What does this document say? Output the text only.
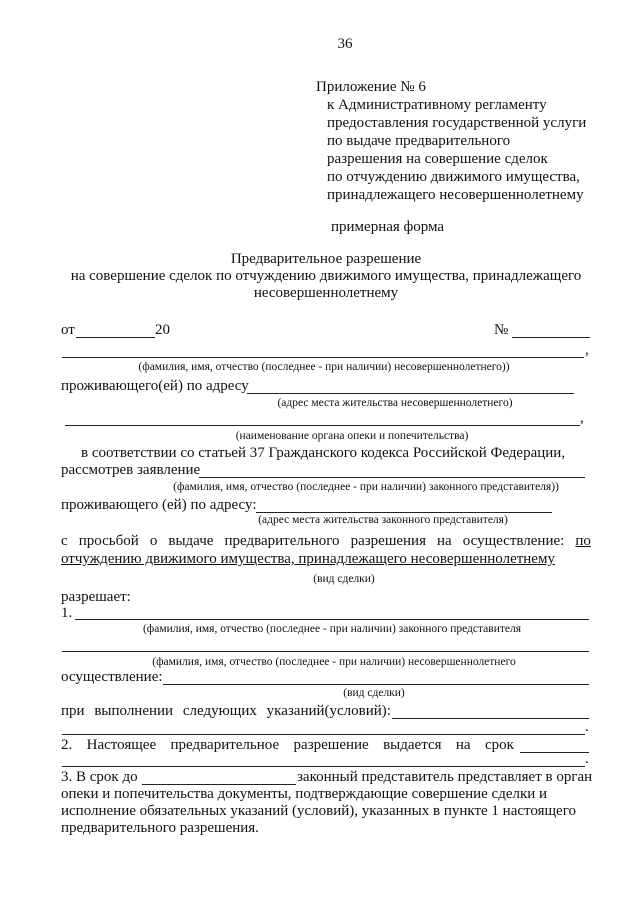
36
Приложение № 6
к Административному регламенту
предоставления государственной услуги
по выдаче предварительного
разрешения на совершение сделок
по отчуждению движимого имущества,
принадлежащего несовершеннолетнему
примерная форма
Предварительное разрешение
на совершение сделок по отчуждению движимого имущества, принадлежащего
несовершеннолетнему
от	20	№
,
(фамилия, имя, отчество (последнее - при наличии) несовершеннолетнего))
проживающего(ей) по адресу
(адрес места жительства несовершеннолетнего)
,
(наименование органа опеки и попечительства)
в соответствии со статьей 37 Гражданского кодекса Российской Федерации,
рассмотрев заявление
(фамилия, имя, отчество (последнее - при наличии) законного представителя))
проживающего (ей) по адресу:
(адрес места жительства законного представителя)
с просьбой о выдаче предварительного разрешения на осуществление: по
отчуждению движимого имущества, принадлежащего несовершеннолетнему
(вид сделки)
разрешает:
1.
(фамилия, имя, отчество (последнее - при наличии) законного представителя
(фамилия, имя, отчество (последнее - при наличии) несовершеннолетнего
осуществление:
(вид сделки)
при выполнении следующих указаний(условий):
.
2. Настоящее предварительное разрешение выдается на срок
.
3. В срок до	законный представитель представляет в орган
опеки и попечительства документы, подтверждающие совершение сделки и
исполнение обязательных указаний (условий), указанных в пункте 1 настоящего
предварительного разрешения.
